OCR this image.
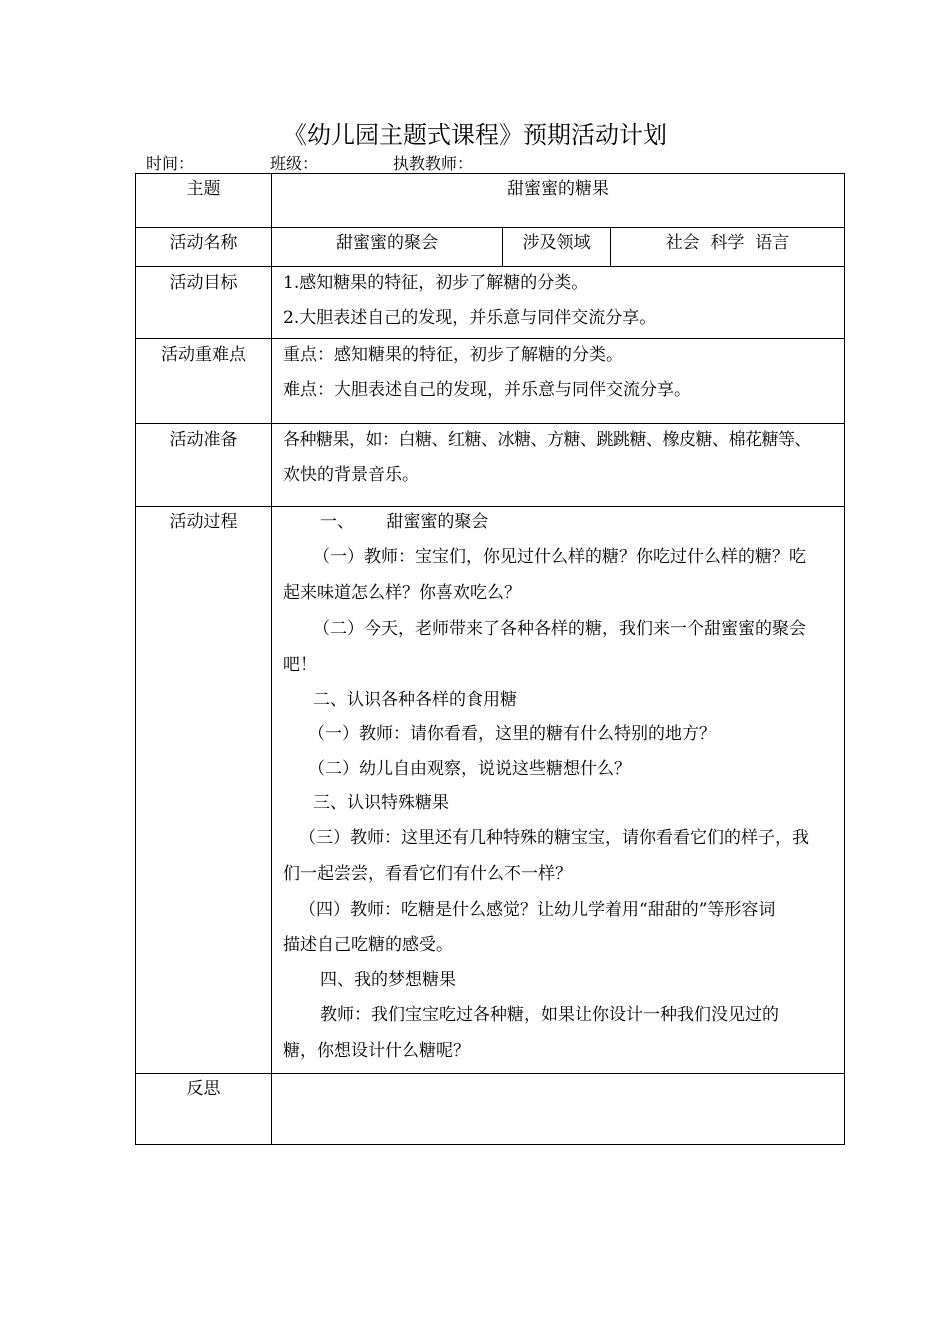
《幼儿园主题式课程》预期活动计划
时间：	班级：	执教教师：
主题	甜蜜蜜的糖果
活动名称	甜蜜蜜的聚会	涉及领域	社会  科学  语言
活动目标	1.感知糖果的特征，初步了解糖的分类。
2.大胆表述自己的发现，并乐意与同伴交流分享。
活动重难点	重点：感知糖果的特征，初步了解糖的分类。
难点：大胆表述自己的发现，并乐意与同伴交流分享。
活动准备	各种糖果，如：白糖、红糖、冰糖、方糖、跳跳糖、橡皮糖、棉花糖等、
欢快的背景音乐。
活动过程	一、      甜蜜蜜的聚会
（一）教师：宝宝们，你见过什么样的糖？你吃过什么样的糖？吃
起来味道怎么样？你喜欢吃么？
（二）今天，老师带来了各种各样的糖，我们来一个甜蜜蜜的聚会
吧！
二、认识各种各样的食用糖
（一）教师：请你看看，这里的糖有什么特别的地方？
（二）幼儿自由观察，说说这些糖想什么？
三、认识特殊糖果
（三）教师：这里还有几种特殊的糖宝宝，请你看看它们的样子，我
们一起尝尝，看看它们有什么不一样？
（四）教师：吃糖是什么感觉？让幼儿学着用“甜甜的”等形容词
描述自己吃糖的感受。
四、我的梦想糖果
教师：我们宝宝吃过各种糖，如果让你设计一种我们没见过的
糖，你想设计什么糖呢？
反思
